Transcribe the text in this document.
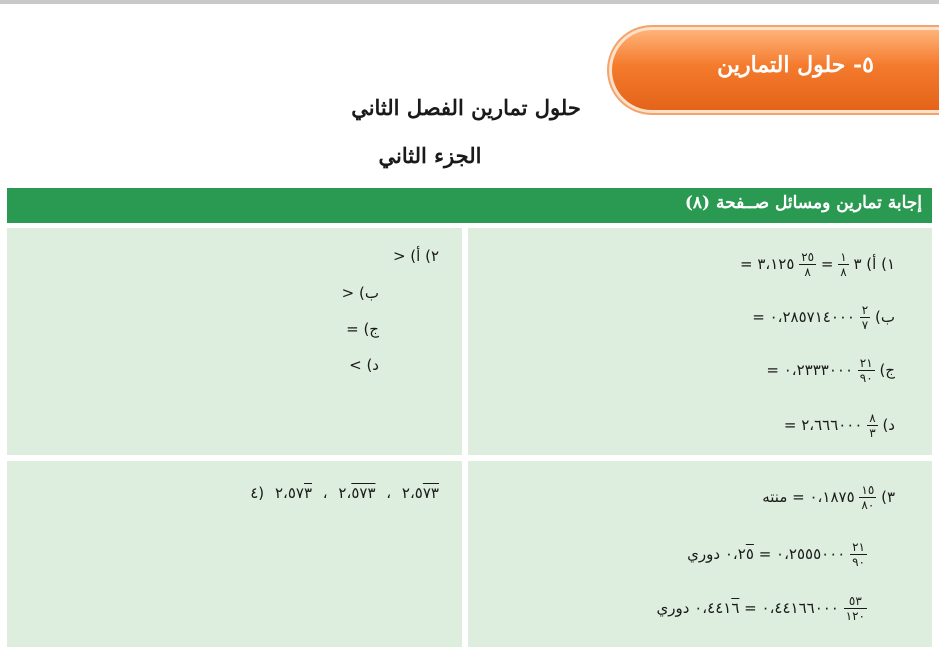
٥- حلول التمارين
حلول تمارين الفصل الثاني
الجزء الثاني
إجابة تمارين ومسائل صــفحة (٨)
١) أ) ٣
$\frac{١}{٨}$
=
$\frac{٢٥}{٨}$
٣،١٢٥ =
ب)
$\frac{٢}{٧}$
٠،٢٨٥٧١٤٠٠٠ =
ج)
$\frac{٢١}{٩٠}$
٠،٢٣٣٣٠٠٠ =
د)
$\frac{٨}{٣}$
٢،٦٦٦٠٠٠ =
٢) أ) <
ب) <
ج) =
د) >
٣)
$\frac{١٥}{٨٠}$
٠،١٨٧٥ = منته
$\frac{٢١}{٩٠}$
٠،٢٥٥٥٠٠٠ = ٠،٢٥ دوري
$\frac{٥٣}{١٢٠}$
٠،٤٤١٦٦٠٠٠ = ٠،٤٤١٦ دوري
٤) ٢،٥٧٣ ، ٢،٥٧٣ ، ٢،٥٧٣
